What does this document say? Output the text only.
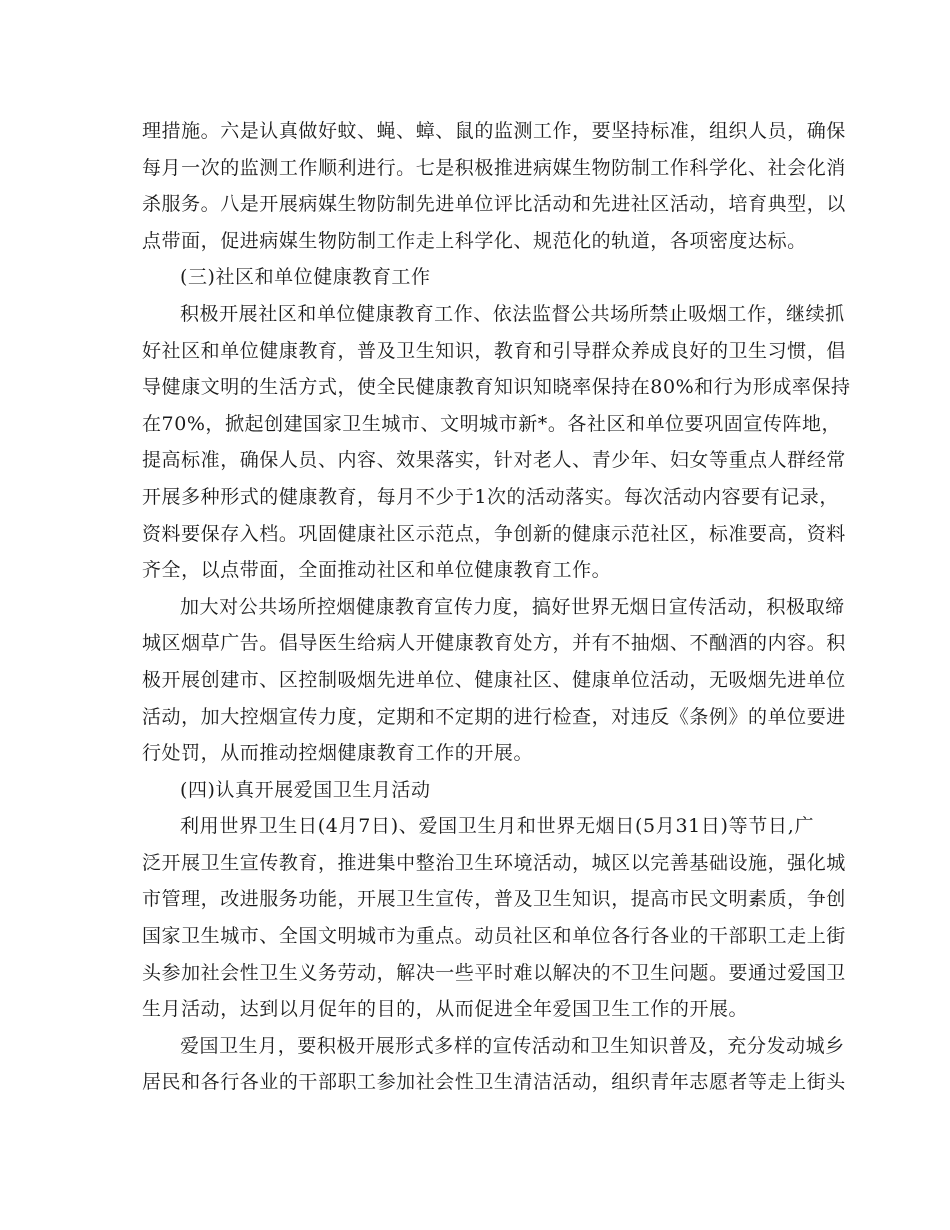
理措施。六是认真做好蚊、蝇、蟑、鼠的监测工作，要坚持标准，组织人员，确保
每月一次的监测工作顺利进行。七是积极推进病媒生物防制工作科学化、社会化消
杀服务。八是开展病媒生物防制先进单位评比活动和先进社区活动，培育典型，以
点带面，促进病媒生物防制工作走上科学化、规范化的轨道，各项密度达标。
(三)社区和单位健康教育工作
积极开展社区和单位健康教育工作、依法监督公共场所禁止吸烟工作，继续抓
好社区和单位健康教育，普及卫生知识，教育和引导群众养成良好的卫生习惯，倡
导健康文明的生活方式，使全民健康教育知识知晓率保持在80%和行为形成率保持
在70%，掀起创建国家卫生城市、文明城市新*。各社区和单位要巩固宣传阵地，
提高标准，确保人员、内容、效果落实，针对老人、青少年、妇女等重点人群经常
开展多种形式的健康教育，每月不少于1次的活动落实。每次活动内容要有记录，
资料要保存入档。巩固健康社区示范点，争创新的健康示范社区，标准要高，资料
齐全，以点带面，全面推动社区和单位健康教育工作。
加大对公共场所控烟健康教育宣传力度，搞好世界无烟日宣传活动，积极取缔
城区烟草广告。倡导医生给病人开健康教育处方，并有不抽烟、不酗酒的内容。积
极开展创建市、区控制吸烟先进单位、健康社区、健康单位活动，无吸烟先进单位
活动，加大控烟宣传力度，定期和不定期的进行检查，对违反《条例》的单位要进
行处罚，从而推动控烟健康教育工作的开展。
(四)认真开展爱国卫生月活动
利用世界卫生日(4月7日)、爱国卫生月和世界无烟日(5月31日)等节日,广
泛开展卫生宣传教育，推进集中整治卫生环境活动，城区以完善基础设施，强化城
市管理，改进服务功能，开展卫生宣传，普及卫生知识，提高市民文明素质，争创
国家卫生城市、全国文明城市为重点。动员社区和单位各行各业的干部职工走上街
头参加社会性卫生义务劳动，解决一些平时难以解决的不卫生问题。要通过爱国卫
生月活动，达到以月促年的目的，从而促进全年爱国卫生工作的开展。
爱国卫生月，要积极开展形式多样的宣传活动和卫生知识普及，充分发动城乡
居民和各行各业的干部职工参加社会性卫生清洁活动，组织青年志愿者等走上街头
